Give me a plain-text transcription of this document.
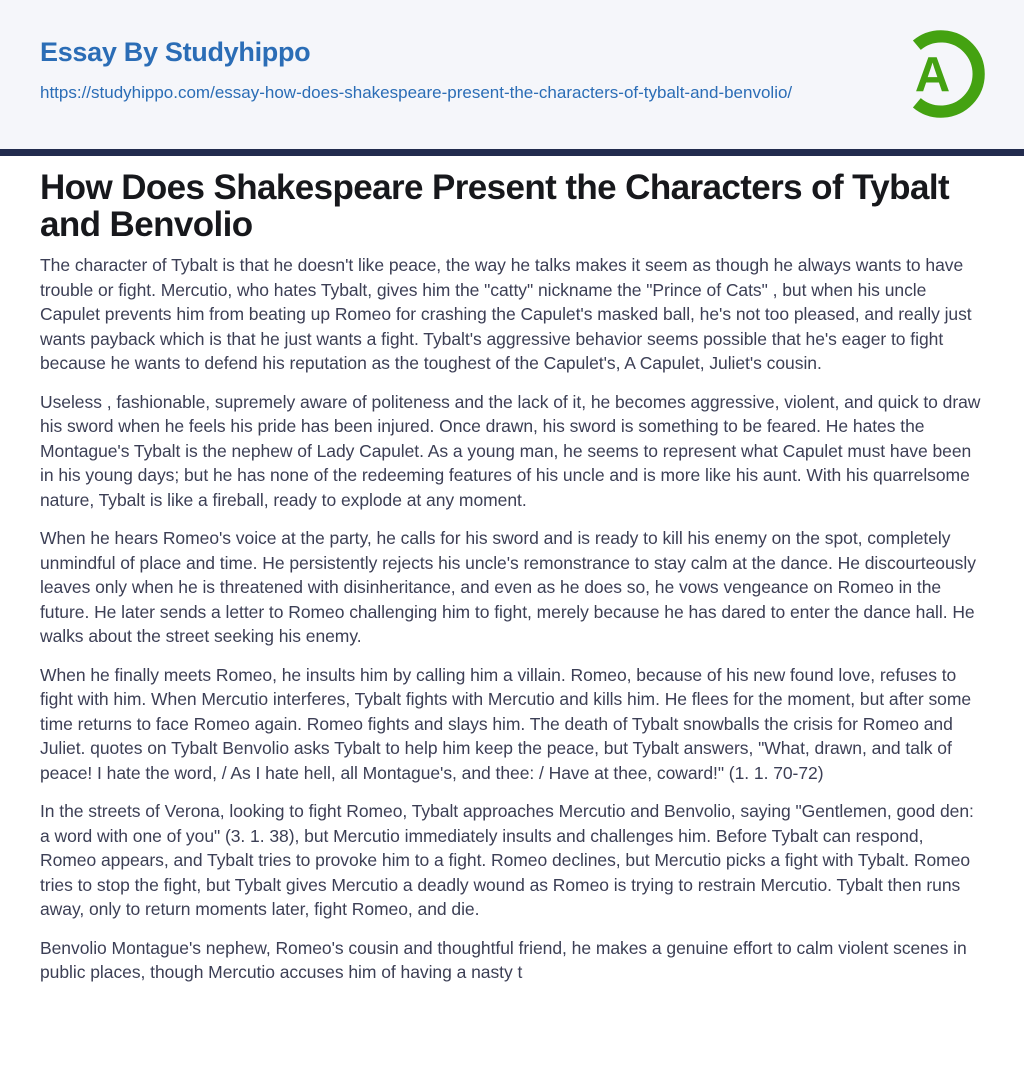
Essay By Studyhippo
https://studyhippo.com/essay-how-does-shakespeare-present-the-characters-of-tybalt-and-benvolio/	A
How Does Shakespeare Present the Characters of Tybalt and Benvolio

The character of Tybalt is that he doesn't like peace, the way he talks makes it seem as though he always wants to have trouble or fight. Mercutio, who hates Tybalt, gives him the "catty" nickname the "Prince of Cats" , but when his uncle Capulet prevents him from beating up Romeo for crashing the Capulet's masked ball, he's not too pleased, and really just wants payback which is that he just wants a fight. Tybalt's aggressive behavior seems possible that he's eager to fight because he wants to defend his reputation as the toughest of the Capulet's, A Capulet, Juliet's cousin.

Useless , fashionable, supremely aware of politeness and the lack of it, he becomes aggressive, violent, and quick to draw his sword when he feels his pride has been injured. Once drawn, his sword is something to be feared. He hates the Montague's Tybalt is the nephew of Lady Capulet. As a young man, he seems to represent what Capulet must have been in his young days; but he has none of the redeeming features of his uncle and is more like his aunt. With his quarrelsome nature, Tybalt is like a fireball, ready to explode at any moment.

When he hears Romeo's voice at the party, he calls for his sword and is ready to kill his enemy on the spot, completely unmindful of place and time. He persistently rejects his uncle's remonstrance to stay calm at the dance. He discourteously leaves only when he is threatened with disinheritance, and even as he does so, he vows vengeance on Romeo in the future. He later sends a letter to Romeo challenging him to fight, merely because he has dared to enter the dance hall. He walks about the street seeking his enemy.

When he finally meets Romeo, he insults him by calling him a villain. Romeo, because of his new found love, refuses to fight with him. When Mercutio interferes, Tybalt fights with Mercutio and kills him. He flees for the moment, but after some time returns to face Romeo again. Romeo fights and slays him. The death of Tybalt snowballs the crisis for Romeo and Juliet. quotes on Tybalt Benvolio asks Tybalt to help him keep the peace, but Tybalt answers, "What, drawn, and talk of peace! I hate the word, / As I hate hell, all Montague's, and thee: / Have at thee, coward!" (1. 1. 70-72)

In the streets of Verona, looking to fight Romeo, Tybalt approaches Mercutio and Benvolio, saying "Gentlemen, good den: a word with one of you" (3. 1. 38), but Mercutio immediately insults and challenges him. Before Tybalt can respond, Romeo appears, and Tybalt tries to provoke him to a fight. Romeo declines, but Mercutio picks a fight with Tybalt. Romeo tries to stop the fight, but Tybalt gives Mercutio a deadly wound as Romeo is trying to restrain Mercutio. Tybalt then runs away, only to return moments later, fight Romeo, and die.

Benvolio Montague's nephew, Romeo's cousin and thoughtful friend, he makes a genuine effort to calm violent scenes in public places, though Mercutio accuses him of having a nasty t
